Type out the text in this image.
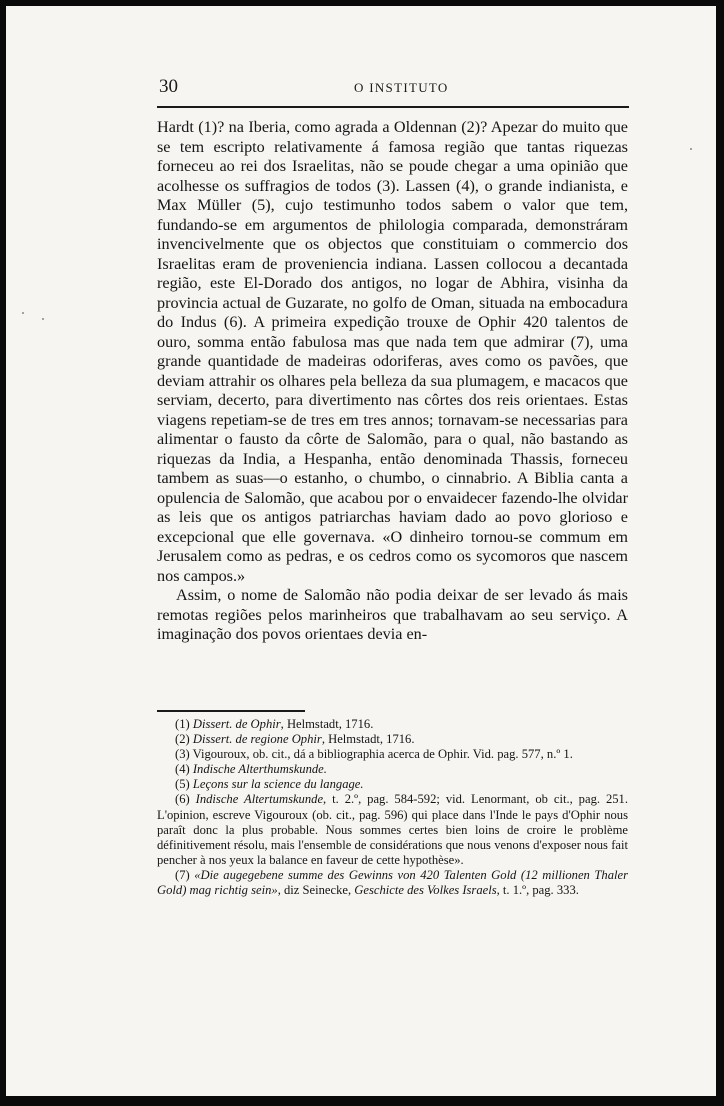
30	O INSTITUTO

Hardt (1)? na Iberia, como agrada a Oldennan (2)? Apezar do muito que se tem escripto relativamente á famosa região que tantas riquezas forneceu ao rei dos Israelitas, não se poude chegar a uma opinião que acolhesse os suffragios de todos (3). Lassen (4), o grande indianista, e Max Müller (5), cujo testimunho todos sabem o valor que tem, fundando-se em argumentos de philologia comparada, demonstráram invencivelmente que os objectos que constituiam o commercio dos Israelitas eram de proveniencia indiana. Lassen collocou a decantada região, este El-Dorado dos antigos, no logar de Abhira, visinha da provincia actual de Guzarate, no golfo de Oman, situada na embocadura do Indus (6). A primeira expedição trouxe de Ophir 420 talentos de ouro, somma então fabulosa mas que nada tem que admirar (7), uma grande quantidade de madeiras odoriferas, aves como os pavões, que deviam attrahir os olhares pela belleza da sua plumagem, e macacos que serviam, decerto, para divertimento nas côrtes dos reis orientaes. Estas viagens repetiam-se de tres em tres annos; tornavam-se necessarias para alimentar o fausto da côrte de Salomão, para o qual, não bastando as riquezas da India, a Hespanha, então denominada Thassis, forneceu tambem as suas—o estanho, o chumbo, o cinnabrio. A Biblia canta a opulencia de Salomão, que acabou por o envaidecer fazendo-lhe olvidar as leis que os antigos patriarchas haviam dado ao povo glorioso e excepcional que elle governava. «O dinheiro tornou-se commum em Jerusalem como as pedras, e os cedros como os sycomoros que nascem nos campos.»

Assim, o nome de Salomão não podia deixar de ser levado ás mais remotas regiões pelos marinheiros que trabalhavam ao seu serviço. A imaginação dos povos orientaes devia en-

(1) Dissert. de Ophir, Helmstadt, 1716.

(2) Dissert. de regione Ophir, Helmstadt, 1716.

(3) Vigouroux, ob. cit., dá a bibliographia acerca de Ophir. Vid. pag. 577, n.º 1.

(4) Indische Alterthumskunde.

(5) Leçons sur la science du langage.

(6) Indische Altertumskunde, t. 2.º, pag. 584-592; vid. Lenormant, ob cit., pag. 251. L'opinion, escreve Vigouroux (ob. cit., pag. 596) qui place dans l'Inde le pays d'Ophir nous paraît donc la plus probable. Nous sommes certes bien loins de croire le problème définitivement résolu, mais l'ensemble de considérations que nous venons d'exposer nous fait pencher à nos yeux la balance en faveur de cette hypothèse».

(7) «Die augegebene summe des Gewinns von 420 Talenten Gold (12 millionen Thaler Gold) mag richtig sein», diz Seinecke, Geschicte des Volkes Israels, t. 1.º, pag. 333.
